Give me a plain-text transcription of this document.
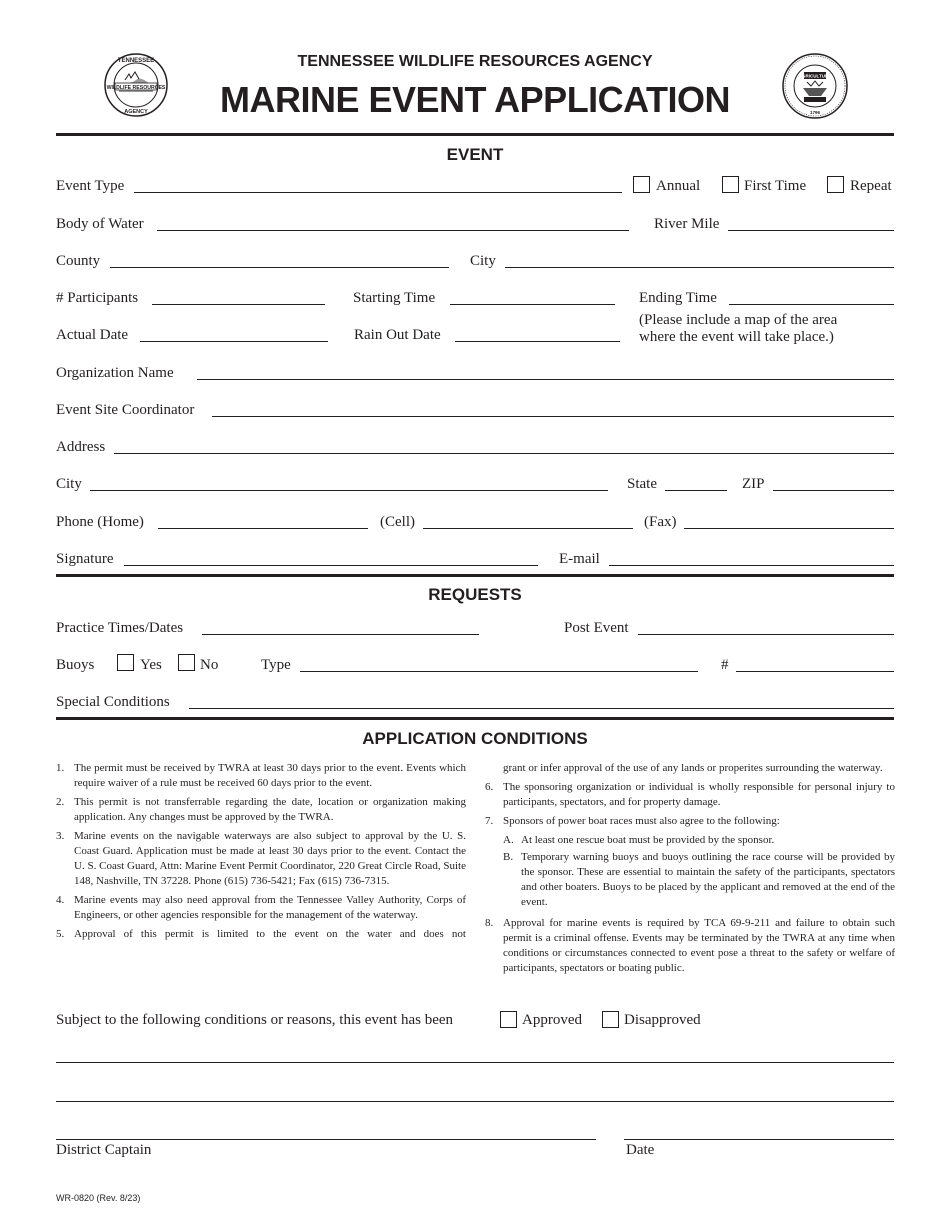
WILDLIFE RESOURCES
TENNESSEE
AGENCY
AGRICULTURE
1796
TENNESSEE WILDLIFE RESOURCES AGENCY
MARINE EVENT APPLICATION
EVENT
Event Type	Annual	First Time	Repeat
Body of Water	River Mile
County	City
# Participants	Starting Time	Ending Time
Actual Date	Rain Out Date
(Please include a map of the area
where the event will take place.)
Organization Name
Event Site Coordinator
Address
City	State	ZIP
Phone (Home)	(Cell)	(Fax)
Signature	E-mail
REQUESTS
Practice Times/Dates	Post Event
Buoys	Yes	No	Type	#
Special Conditions
APPLICATION CONDITIONS
1. The permit must be received by TWRA at least 30 days prior to the event. Events which require waiver of a rule must be received 60 days prior to the event.
2. This permit is not transferrable regarding the date, location or organization making application. Any changes must be approved by the TWRA.
3. Marine events on the navigable waterways are also subject to approval by the U. S. Coast Guard. Application must be made at least 30 days prior to the event. Contact the U. S. Coast Guard, Attn: Marine Event Permit Coordinator, 220 Great Circle Road, Suite 148, Nashville, TN 37228. Phone (615) 736-5421; Fax (615) 736-7315.
4. Marine events may also need approval from the Tennessee Valley Authority, Corps of Engineers, or other agencies responsible for the management of the waterway.
5. Approval of this permit is limited to the event on the water and does not
grant or infer approval of the use of any lands or properites surrounding the waterway.
6. The sponsoring organization or individual is wholly responsible for personal injury to participants, spectators, and for property damage.
7. Sponsors of power boat races must also agree to the following:
A. At least one rescue boat must be provided by the sponsor.
B. Temporary warning buoys and buoys outlining the race course will be provided by the sponsor. These are essential to maintain the safety of the participants, spectators and other boaters. Buoys to be placed by the applicant and removed at the end of the event.
8. Approval for marine events is required by TCA 69-9-211 and failure to obtain such permit is a criminal offense. Events may be terminated by the TWRA at any time when conditions or circumstances connected to event pose a threat to the safety or welfare of participants, spectators or boating public.
Subject to the following conditions or reasons, this event has been	Approved	Disapproved
District Captain	Date
WR-0820 (Rev. 8/23)
